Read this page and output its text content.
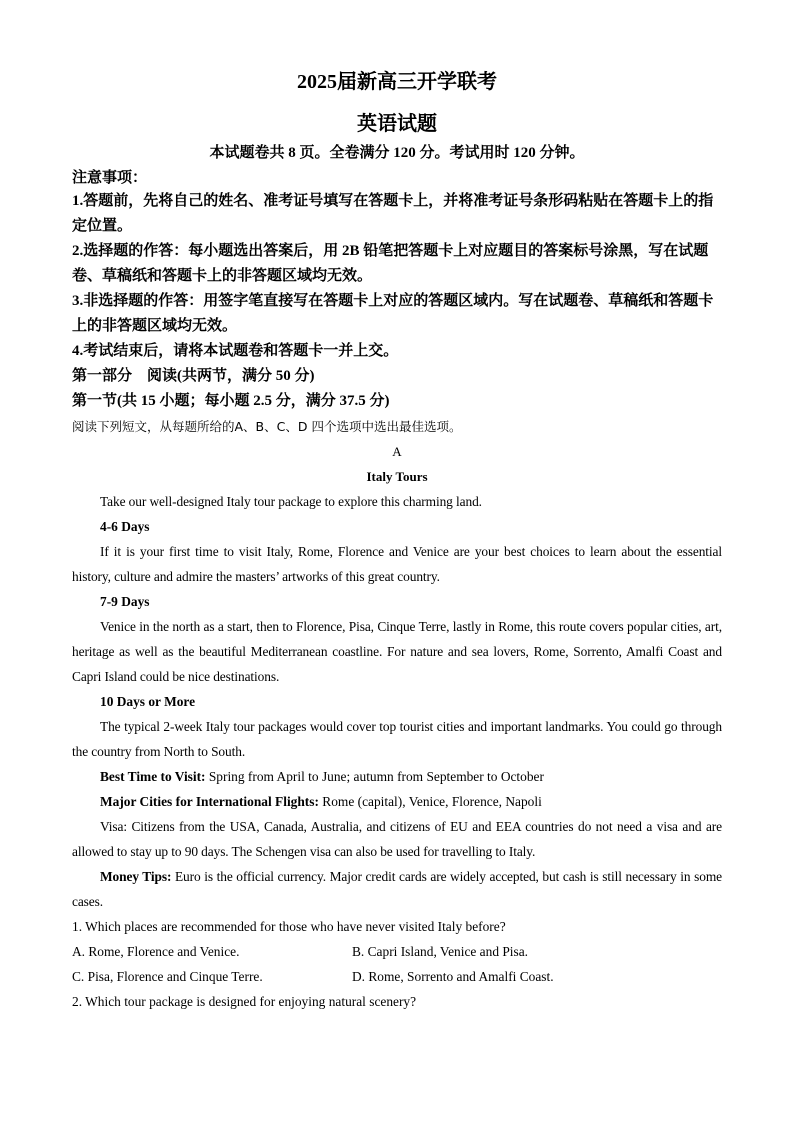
2025届新高三开学联考
英语试题
本试题卷共 8 页。全卷满分 120 分。考试用时 120 分钟。
注意事项：

1.答题前，先将自己的姓名、准考证号填写在答题卡上，并将准考证号条形码粘贴在答题卡上的指定位置。

2.选择题的作答：每小题选出答案后，用 2B 铅笔把答题卡上对应题目的答案标号涂黑，写在试题卷、草稿纸和答题卡上的非答题区域均无效。

3.非选择题的作答：用签字笔直接写在答题卡上对应的答题区域内。写在试题卷、草稿纸和答题卡上的非答题区域均无效。

4.考试结束后，请将本试题卷和答题卡一并上交。

第一部分　阅读(共两节，满分 50 分)

第一节(共 15 小题；每小题 2.5 分，满分 37.5 分)

阅读下列短文，从每题所给的A、B、C、D 四个选项中选出最佳选项。

A

Italy Tours

Take our well-designed Italy tour package to explore this charming land.

4-6 Days

If it is your first time to visit Italy, Rome, Florence and Venice are your best choices to learn about the essential history, culture and admire the masters’ artworks of this great country.

7-9 Days

Venice in the north as a start, then to Florence, Pisa, Cinque Terre, lastly in Rome, this route covers popular cities, art, heritage as well as the beautiful Mediterranean coastline. For nature and sea lovers, Rome, Sorrento, Amalfi Coast and Capri Island could be nice destinations.

10 Days or More

The typical 2-week Italy tour packages would cover top tourist cities and important landmarks. You could go through the country from North to South.

Best Time to Visit: Spring from April to June; autumn from September to October

Major Cities for International Flights: Rome (capital), Venice, Florence, Napoli

Visa: Citizens from the USA, Canada, Australia, and citizens of EU and EEA countries do not need a visa and are allowed to stay up to 90 days. The Schengen visa can also be used for travelling to Italy.

Money Tips: Euro is the official currency. Major credit cards are widely accepted, but cash is still necessary in some cases.

1. Which places are recommended for those who have never visited Italy before?

A. Rome, Florence and Venice.	B. Capri Island, Venice and Pisa.
C. Pisa, Florence and Cinque Terre.	D. Rome, Sorrento and Amalfi Coast.

2. Which tour package is designed for enjoying natural scenery?
